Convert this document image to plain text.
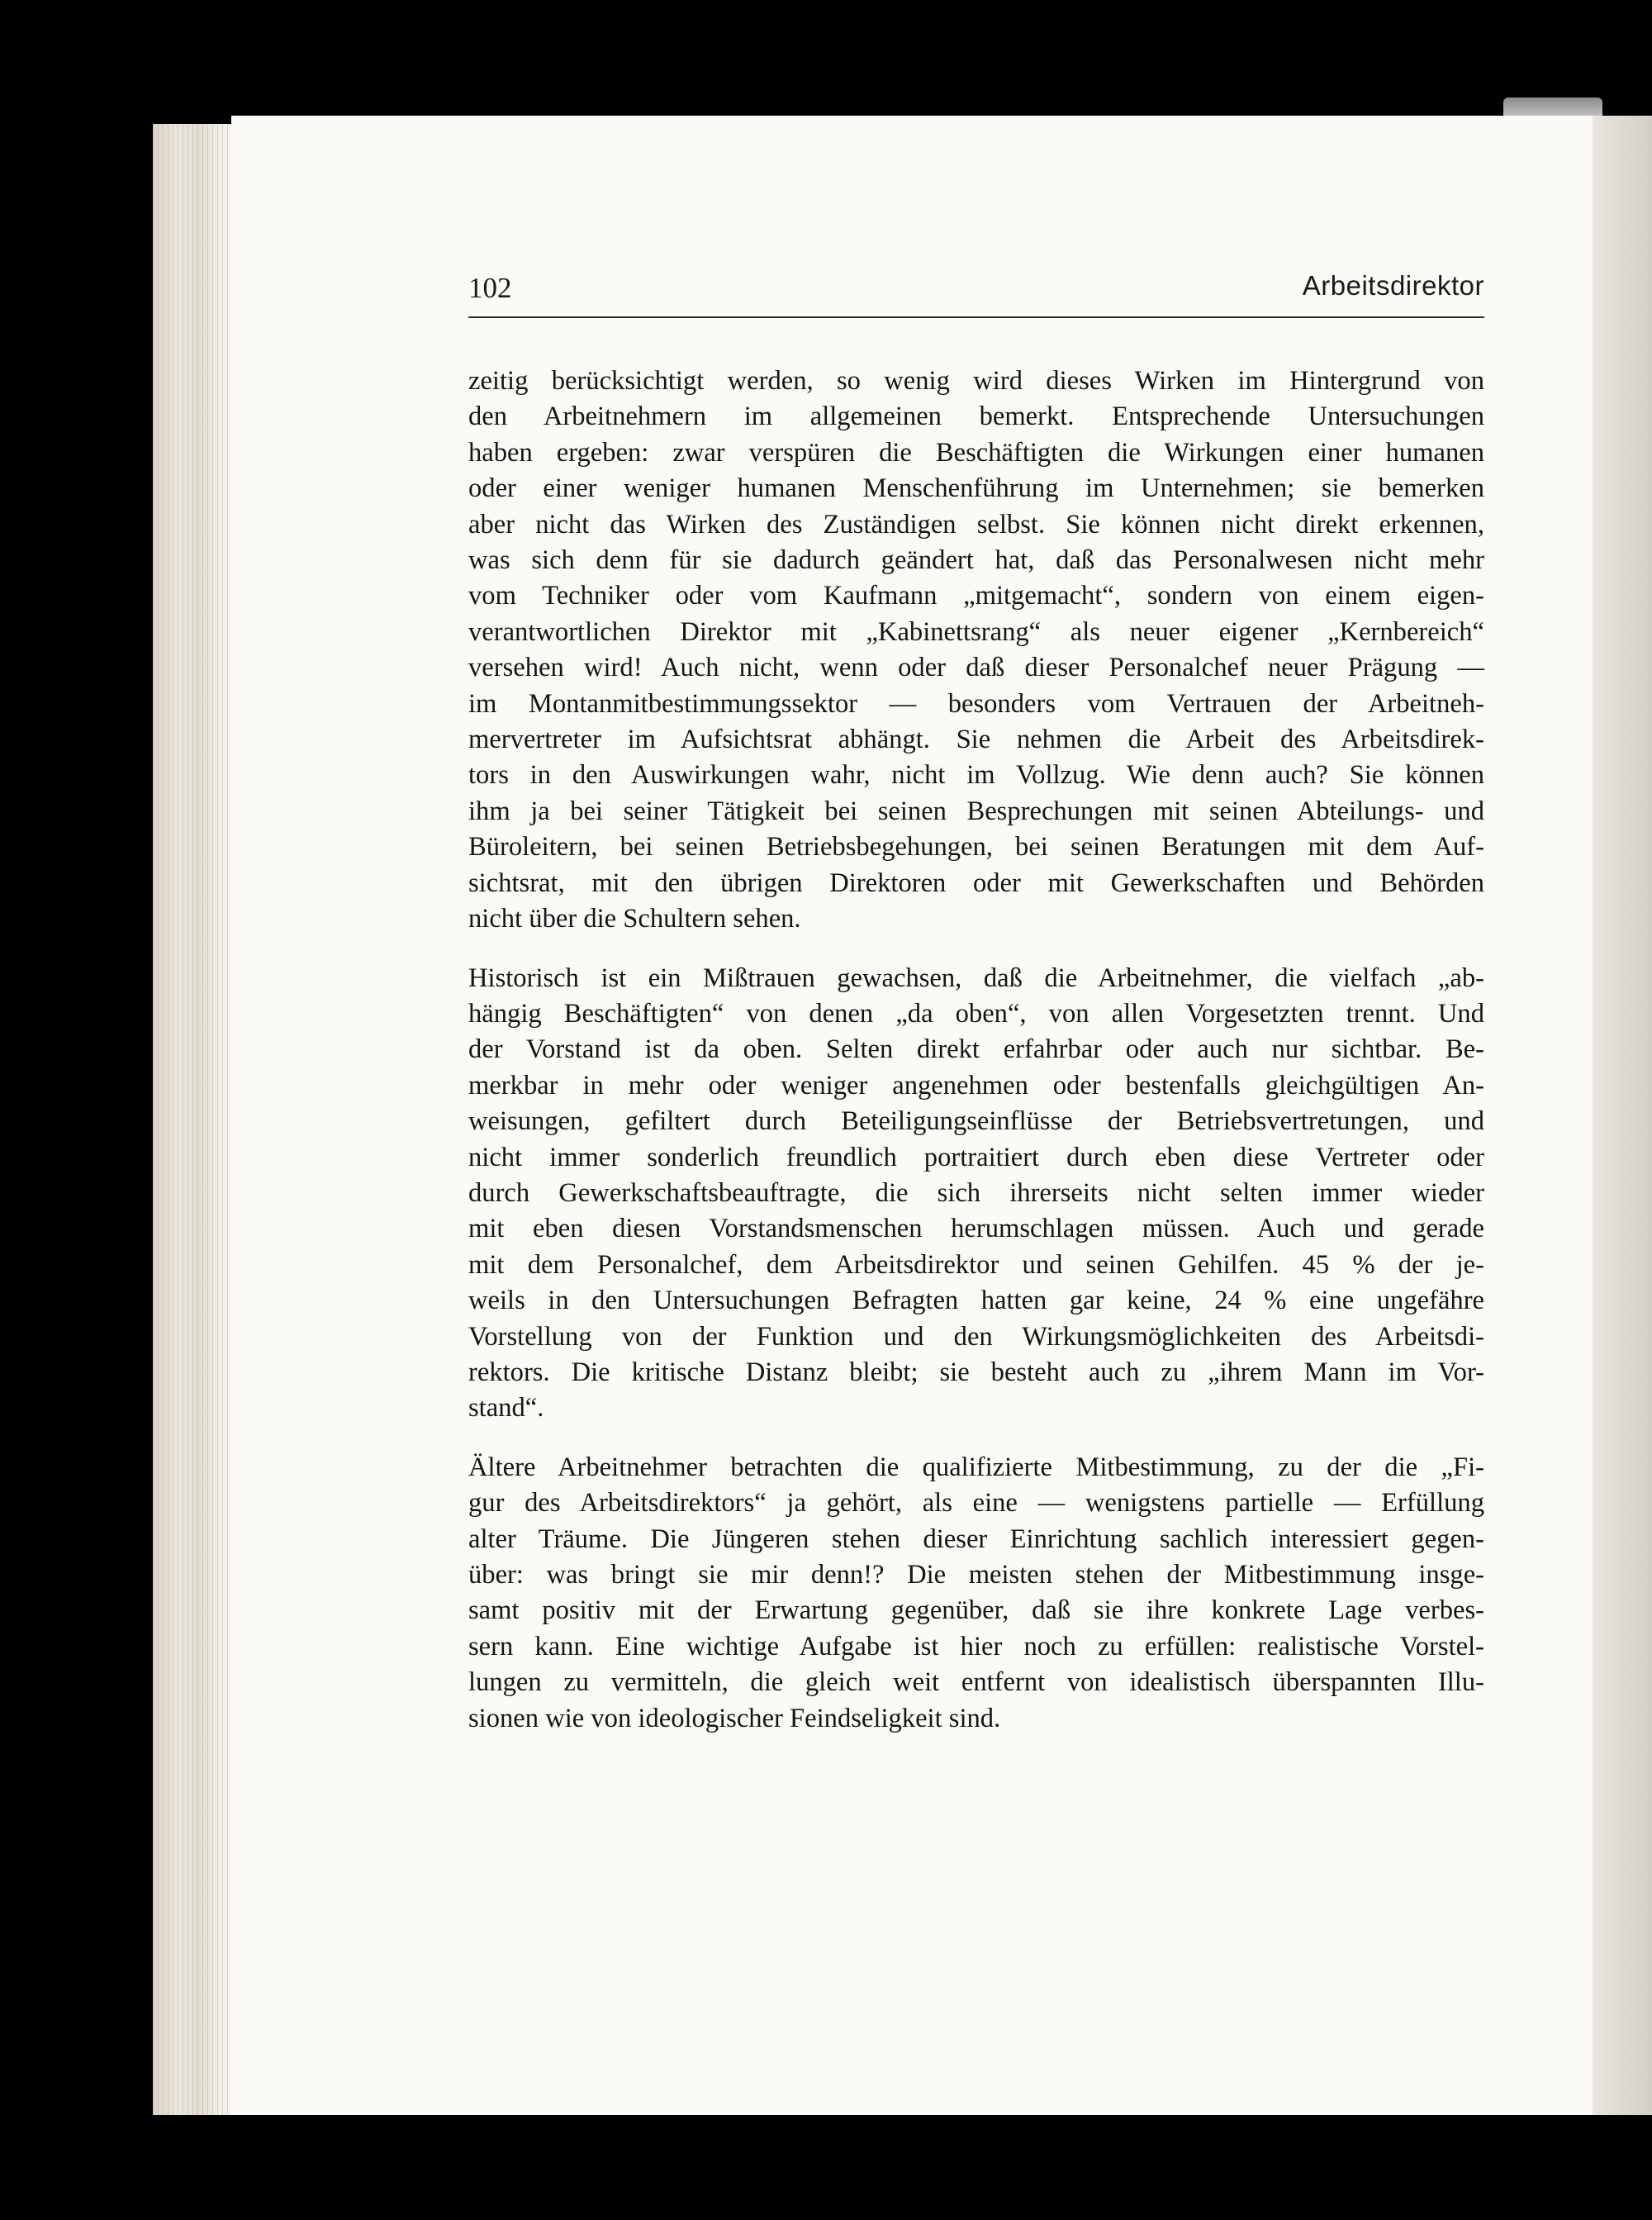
102	Arbeitsdirektor

zeitig berücksichtigt werden, so wenig wird dieses Wirken im Hintergrund von
den Arbeitnehmern im allgemeinen bemerkt. Entsprechende Untersuchungen
haben ergeben: zwar verspüren die Beschäftigten die Wirkungen einer humanen
oder einer weniger humanen Menschenführung im Unternehmen; sie bemerken
aber nicht das Wirken des Zuständigen selbst. Sie können nicht direkt erkennen,
was sich denn für sie dadurch geändert hat, daß das Personalwesen nicht mehr
vom Techniker oder vom Kaufmann „mitgemacht“, sondern von einem eigen-
verantwortlichen Direktor mit „Kabinettsrang“ als neuer eigener „Kernbereich“
versehen wird! Auch nicht, wenn oder daß dieser Personalchef neuer Prägung —
im Montanmitbestimmungssektor — besonders vom Vertrauen der Arbeitneh-
mervertreter im Aufsichtsrat abhängt. Sie nehmen die Arbeit des Arbeitsdirek-
tors in den Auswirkungen wahr, nicht im Vollzug. Wie denn auch? Sie können
ihm ja bei seiner Tätigkeit bei seinen Besprechungen mit seinen Abteilungs- und
Büroleitern, bei seinen Betriebsbegehungen, bei seinen Beratungen mit dem Auf-
sichtsrat, mit den übrigen Direktoren oder mit Gewerkschaften und Behörden
nicht über die Schultern sehen.

Historisch ist ein Mißtrauen gewachsen, daß die Arbeitnehmer, die vielfach „ab-
hängig Beschäftigten“ von denen „da oben“, von allen Vorgesetzten trennt. Und
der Vorstand ist da oben. Selten direkt erfahrbar oder auch nur sichtbar. Be-
merkbar in mehr oder weniger angenehmen oder bestenfalls gleichgültigen An-
weisungen, gefiltert durch Beteiligungseinflüsse der Betriebsvertretungen, und
nicht immer sonderlich freundlich portraitiert durch eben diese Vertreter oder
durch Gewerkschaftsbeauftragte, die sich ihrerseits nicht selten immer wieder
mit eben diesen Vorstandsmenschen herumschlagen müssen. Auch und gerade
mit dem Personalchef, dem Arbeitsdirektor und seinen Gehilfen. 45 % der je-
weils in den Untersuchungen Befragten hatten gar keine, 24 % eine ungefähre
Vorstellung von der Funktion und den Wirkungsmöglichkeiten des Arbeitsdi-
rektors. Die kritische Distanz bleibt; sie besteht auch zu „ihrem Mann im Vor-
stand“.

Ältere Arbeitnehmer betrachten die qualifizierte Mitbestimmung, zu der die „Fi-
gur des Arbeitsdirektors“ ja gehört, als eine — wenigstens partielle — Erfüllung
alter Träume. Die Jüngeren stehen dieser Einrichtung sachlich interessiert gegen-
über: was bringt sie mir denn!? Die meisten stehen der Mitbestimmung insge-
samt positiv mit der Erwartung gegenüber, daß sie ihre konkrete Lage verbes-
sern kann. Eine wichtige Aufgabe ist hier noch zu erfüllen: realistische Vorstel-
lungen zu vermitteln, die gleich weit entfernt von idealistisch überspannten Illu-
sionen wie von ideologischer Feindseligkeit sind.
